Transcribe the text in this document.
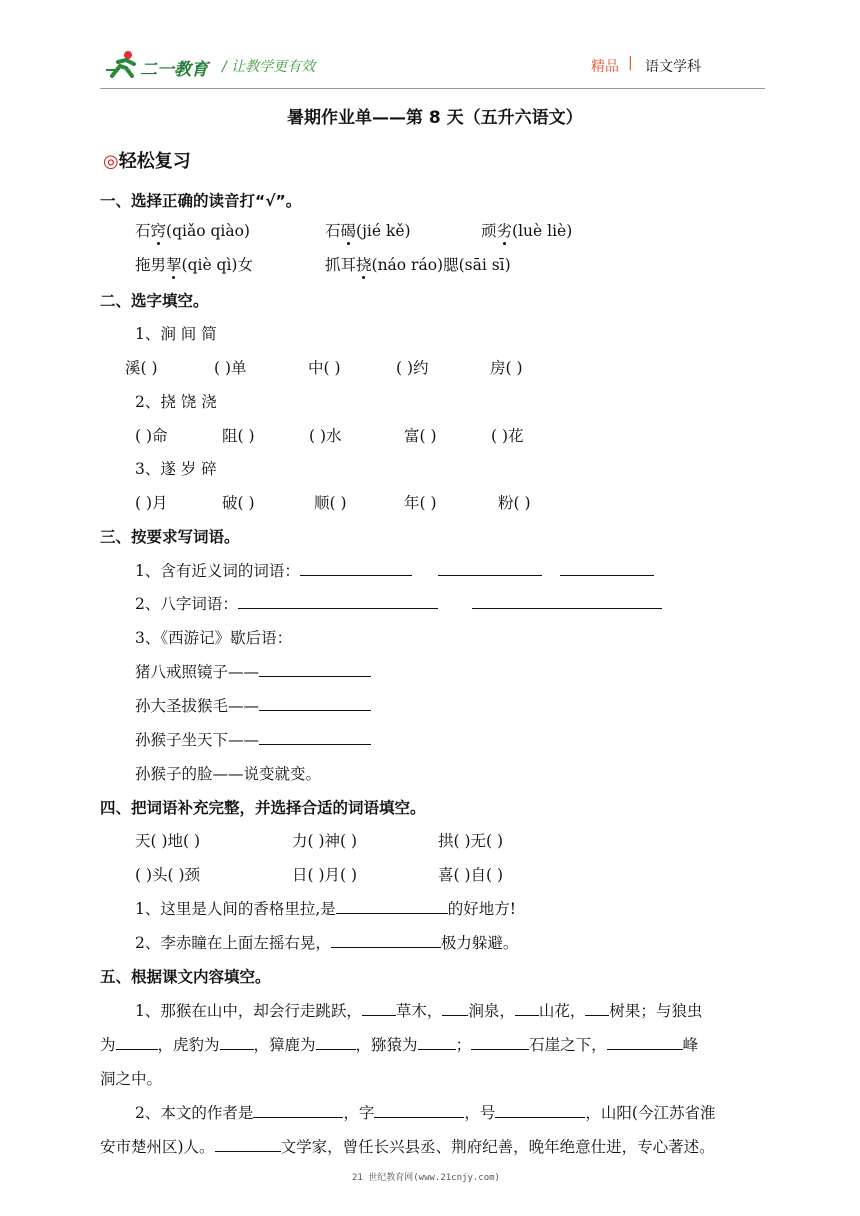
二一教育 / 让教学更有效	精品 | 语文学科
暑期作业单——第 8 天（五升六语文）
◎轻松复习
一、选择正确的读音打“√”。
石窍(qiǎo qiào)	石碣(jié kě)	顽劣(luè liè)
拖男挈(qiè qì)女	抓耳挠(náo ráo)腮(sāi sī)
二、选字填空。
1、涧 间 简
溪( )	( )单	中( )	( )约	房( )
2、挠 饶 浇
( )命	阻( )	( )水	富( )	( )花
3、遂 岁 碎
( )月	破( )	顺( )	年( )	粉( )
三、按要求写词语。
1、含有近义词的词语：
2、八字词语：
3、《西游记》歇后语：
猪八戒照镜子——
孙大圣拔猴毛——
孙猴子坐天下——
孙猴子的脸——说变就变。
四、把词语补充完整，并选择合适的词语填空。
天( )地( )	力( )神( )	拱( )无( )
( )头( )颈	日( )月( )	喜( )自( )
1、这里是人间的香格里拉,是	的好地方!
2、李赤瞳在上面左摇右晃，	极力躲避。
五、根据课文内容填空。
1、那猴在山中，却会行走跳跃， 草木， 涧泉， 山花， 树果；与狼虫
为	，虎豹为 ，獐鹿为	，猕猿为 ；	石崖之下，	峰
洞之中。
2、本文的作者是	，字	，号	，山阳(今江苏省淮
安市楚州区)人。	文学家，曾任长兴县丞、荆府纪善，晚年绝意仕进，专心著述。
21 世纪教育网(www.21cnjy.com)
